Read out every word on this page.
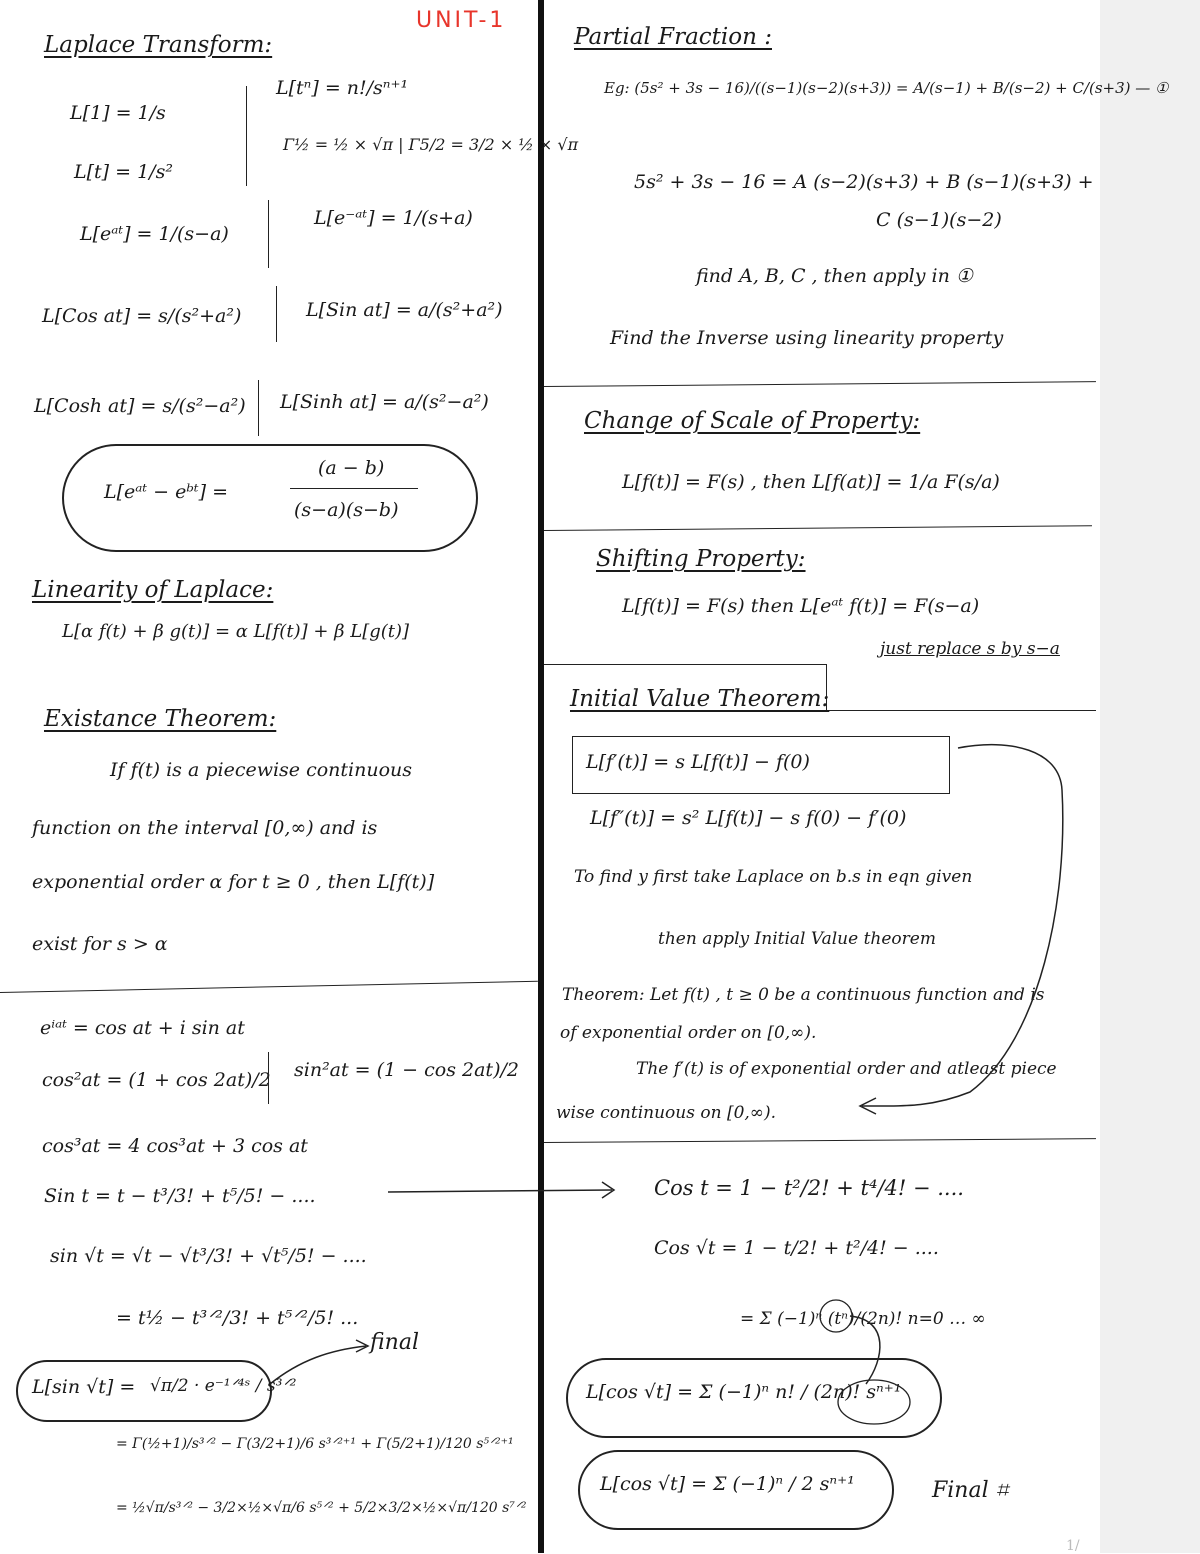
UNIT-1
Laplace Transform:
L[1] = 1/s
L[t] = 1/s²
L[tⁿ] = n!/sⁿ⁺¹
Γ½ = ½ × √π | Γ5/2 = 3/2 × ½ × √π
L[eᵃᵗ] = 1/(s−a)
L[e⁻ᵃᵗ] = 1/(s+a)
L[Cos at] = s/(s²+a²)	L[Sin at] = a/(s²+a²)
L[Cosh at] = s/(s²−a²) L[Sinh at] = a/(s²−a²)
L[eᵃᵗ − eᵇᵗ] =
(a − b)
(s−a)(s−b)
Linearity of Laplace:
L[α f(t) + β g(t)] = α L[f(t)] + β L[g(t)]
Existance Theorem:
If f(t) is a piecewise continuous
function on the interval [0,∞) and is
exponential order α for t ≥ 0 , then L[f(t)]
exist for s > α
eⁱᵃᵗ = cos at + i sin at
cos²at = (1 + cos 2at)/2 sin²at = (1 − cos 2at)/2
cos³at = 4 cos³at + 3 cos at
Sin t = t − t³/3! + t⁵/5! − ....
sin √t = √t − √t³/3! + √t⁵/5! − ....
= t½ − t³ᐟ²/3! + t⁵ᐟ²/5! ...
final
L[sin √t] = √π/2 · e⁻¹ᐟ⁴ˢ / s³ᐟ²
= Γ(½+1)/s³ᐟ² − Γ(3/2+1)/6 s³ᐟ²⁺¹ + Γ(5/2+1)/120 s⁵ᐟ²⁺¹
= ½√π/s³ᐟ² − 3/2×½×√π/6 s⁵ᐟ² + 5/2×3/2×½×√π/120 s⁷ᐟ²
Partial Fraction :
Eg: (5s² + 3s − 16)/((s−1)(s−2)(s+3)) = A/(s−1) + B/(s−2) + C/(s+3) — ①
5s² + 3s − 16 = A (s−2)(s+3) + B (s−1)(s+3) +
C (s−1)(s−2)
find A, B, C , then apply in ①
Find the Inverse using linearity property
Change of Scale of Property:
L[f(t)] = F(s) , then L[f(at)] = 1/a F(s/a)
Shifting Property:
L[f(t)] = F(s) then L[eᵃᵗ f(t)] = F(s−a)
just replace s by s−a
Initial Value Theorem:
L[f′(t)] = s L[f(t)] − f(0)
L[f″(t)] = s² L[f(t)] − s f(0) − f′(0)
To find y first take Laplace on b.s in eqn given
then apply Initial Value theorem
Theorem: Let f(t) , t ≥ 0 be a continuous function and is
of exponential order on [0,∞).
The f′(t) is of exponential order and atleast piece
wise continuous on [0,∞).
Cos t = 1 − t²/2! + t⁴/4! − ....
Cos √t = 1 − t/2! + t²/4! − ....
= Σ (−1)ⁿ (tⁿ)/(2n)! n=0 … ∞
L[cos √t] = Σ (−1)ⁿ n! / (2n)! sⁿ⁺¹
L[cos √t] = Σ (−1)ⁿ / 2 sⁿ⁺¹	Final ⌗
1/
